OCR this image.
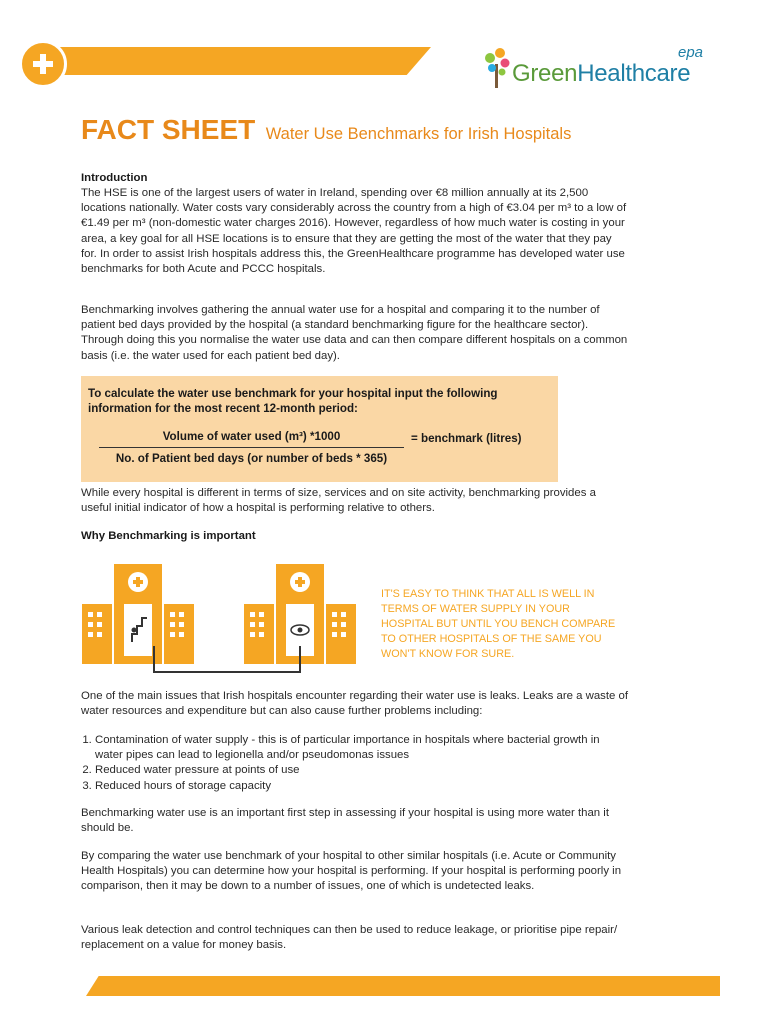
GreenHealthcare
epa
FACT SHEET Water Use Benchmarks for Irish Hospitals
Introduction
The HSE is one of the largest users of water in Ireland, spending over €8 million annually at its 2,500 locations nationally. Water costs vary considerably across the country from a high of €3.04 per m³ to a low of €1.49 per m³ (non-domestic water charges 2016). However, regardless of how much water is costing in your area, a key goal for all HSE locations is to ensure that they are getting the most of the water that they pay for. In order to assist Irish hospitals address this, the GreenHealthcare programme has developed water use benchmarks for both Acute and PCCC hospitals.
Benchmarking involves gathering the annual water use for a hospital and comparing it to the number of patient bed days provided by the hospital (a standard benchmarking figure for the healthcare sector). Through doing this you normalise the water use data and can then compare different hospitals on a common basis (i.e. the water used for each patient bed day).
To calculate the water use benchmark for your hospital input the following information for the most recent 12-month period:
Volume of water used (m³) *1000
No. of Patient bed days (or number of beds * 365)
= benchmark (litres)
While every hospital is different in terms of size, services and on site activity, benchmarking provides a useful initial indicator of how a hospital is performing relative to others.
Why Benchmarking is important
IT'S EASY TO THINK THAT ALL IS WELL IN TERMS OF WATER SUPPLY IN YOUR HOSPITAL BUT UNTIL YOU BENCH COMPARE TO OTHER HOSPITALS OF THE SAME YOU WON'T KNOW FOR SURE.
One of the main issues that Irish hospitals encounter regarding their water use is leaks. Leaks are a waste of water resources and expenditure but can also cause further problems including:
1. Contamination of water supply - this is of particular importance in hospitals where bacterial growth in water pipes can lead to legionella and/or pseudomonas issues
2. Reduced water pressure at points of use
3. Reduced hours of storage capacity
Benchmarking water use is an important first step in assessing if your hospital is using more water than it should be.
By comparing the water use benchmark of your hospital to other similar hospitals (i.e. Acute or Community Health Hospitals) you can determine how your hospital is performing. If your hospital is performing poorly in comparison, then it may be down to a number of issues, one of which is undetected leaks.
Various leak detection and control techniques can then be used to reduce leakage, or prioritise pipe repair/ replacement on a value for money basis.
